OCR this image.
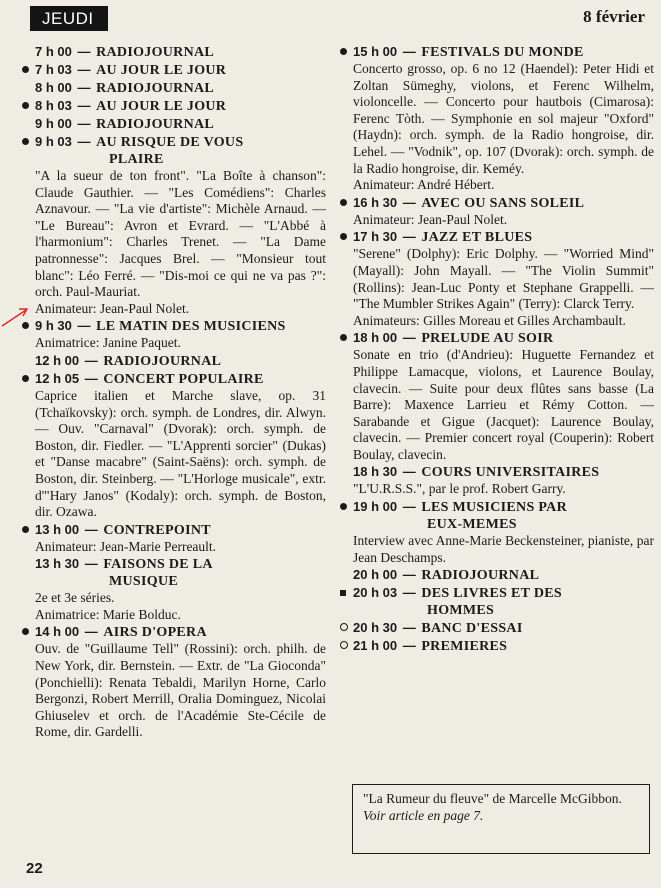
JEUDI	8 février
7 h 00 — RADIOJOURNAL
7 h 03 — AU JOUR LE JOUR
8 h 00 — RADIOJOURNAL
8 h 03 — AU JOUR LE JOUR
9 h 00 — RADIOJOURNAL
9 h 03 — AU RISQUE DE VOUS
PLAIRE
"A la sueur de ton front". "La Boîte à chanson": Claude Gauthier. — "Les Comédiens": Charles Aznavour. — "La vie d'artiste": Michèle Arnaud. — "Le Bureau": Avron et Evrard. — "L'Abbé à l'harmonium": Charles Trenet. — "La Dame patronnesse": Jacques Brel. — "Monsieur tout blanc": Léo Ferré. — "Dis-moi ce qui ne va pas ?": orch. Paul-Mauriat.
Animateur: Jean-Paul Nolet.
9 h 30 — LE MATIN DES MUSICIENS
Animatrice: Janine Paquet.
12 h 00 — RADIOJOURNAL
12 h 05 — CONCERT POPULAIRE
Caprice italien et Marche slave, op. 31 (Tchaïkovsky): orch. symph. de Londres, dir. Alwyn. — Ouv. "Carnaval" (Dvorak): orch. symph. de Boston, dir. Fiedler. — "L'Apprenti sorcier" (Dukas) et "Danse macabre" (Saint-Saëns): orch. symph. de Boston, dir. Steinberg. — "L'Horloge musicale", extr. d'"Hary Janos" (Kodaly): orch. symph. de Boston, dir. Ozawa.
13 h 00 — CONTREPOINT
Animateur: Jean-Marie Perreault.
13 h 30 — FAISONS DE LA
MUSIQUE
2e et 3e séries.
Animatrice: Marie Bolduc.
14 h 00 — AIRS D'OPERA
Ouv. de "Guillaume Tell" (Rossini): orch. philh. de New York, dir. Bernstein. — Extr. de "La Gioconda" (Ponchielli): Renata Tebaldi, Marilyn Horne, Carlo Bergonzi, Robert Merrill, Oralia Dominguez, Nicolai Ghiuselev et orch. de l'Académie Ste-Cécile de Rome, dir. Gardelli.
15 h 00 — FESTIVALS DU MONDE
Concerto grosso, op. 6 no 12 (Haendel): Peter Hidi et Zoltan Sümeghy, violons, et Ferenc Wilhelm, violoncelle. — Concerto pour hautbois (Cimarosa): Ferenc Tòth. — Symphonie en sol majeur "Oxford" (Haydn): orch. symph. de la Radio hongroise, dir. Lehel. — "Vodnik", op. 107 (Dvorak): orch. symph. de la Radio hongroise, dir. Keméy.
Animateur: André Hébert.
16 h 30 — AVEC OU SANS SOLEIL
Animateur: Jean-Paul Nolet.
17 h 30 — JAZZ ET BLUES
"Serene" (Dolphy): Eric Dolphy. — "Worried Mind" (Mayall): John Mayall. — "The Violin Summit" (Rollins): Jean-Luc Ponty et Stephane Grappelli. — "The Mumbler Strikes Again" (Terry): Clarck Terry.
Animateurs: Gilles Moreau et Gilles Archambault.
18 h 00 — PRELUDE AU SOIR
Sonate en trio (d'Andrieu): Huguette Fernandez et Philippe Lamacque, violons, et Laurence Boulay, clavecin. — Suite pour deux flûtes sans basse (La Barre): Maxence Larrieu et Rémy Cotton. — Sarabande et Gigue (Jacquet): Laurence Boulay, clavecin. — Premier concert royal (Couperin): Robert Boulay, clavecin.
18 h 30 — COURS UNIVERSITAIRES
"L'U.R.S.S.", par le prof. Robert Garry.
19 h 00 — LES MUSICIENS PAR
EUX-MEMES
Interview avec Anne-Marie Beckensteiner, pianiste, par Jean Deschamps.
20 h 00 — RADIOJOURNAL
20 h 03 — DES LIVRES ET DES
HOMMES
20 h 30 — BANC D'ESSAI
21 h 00 — PREMIERES
"La Rumeur du fleuve" de Marcelle McGibbon.
Voir article en page 7.
22
